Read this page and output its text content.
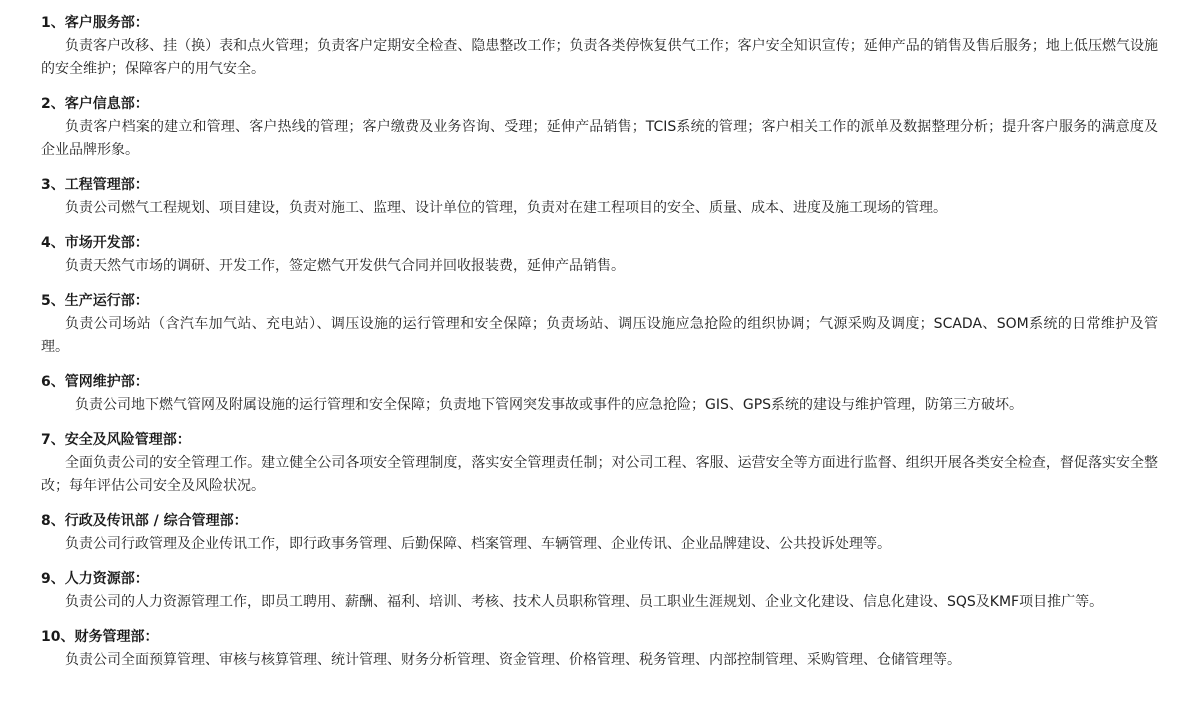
1、客户服务部：
负责客户改移、挂（换）表和点火管理；负责客户定期安全检查、隐患整改工作；负责各类停恢复供气工作；客户安全知识宣传；延伸产品的销售及售后服务；地上低压燃气设施的安全维护；保障客户的用气安全。
2、客户信息部：
负责客户档案的建立和管理、客户热线的管理；客户缴费及业务咨询、受理；延伸产品销售；TCIS系统的管理；客户相关工作的派单及数据整理分析；提升客户服务的满意度及企业品牌形象。
3、工程管理部：
负责公司燃气工程规划、项目建设，负责对施工、监理、设计单位的管理，负责对在建工程项目的安全、质量、成本、进度及施工现场的管理。
4、市场开发部：
负责天然气市场的调研、开发工作，签定燃气开发供气合同并回收报装费，延伸产品销售。
5、生产运行部：
负责公司场站（含汽车加气站、充电站）、调压设施的运行管理和安全保障；负责场站、调压设施应急抢险的组织协调；气源采购及调度；SCADA、SOM系统的日常维护及管理。
6、管网维护部：
负责公司地下燃气管网及附属设施的运行管理和安全保障；负责地下管网突发事故或事件的应急抢险；GIS、GPS系统的建设与维护管理，防第三方破坏。
7、安全及风险管理部：
全面负责公司的安全管理工作。建立健全公司各项安全管理制度，落实安全管理责任制；对公司工程、客服、运营安全等方面进行监督、组织开展各类安全检查，督促落实安全整改；每年评估公司安全及风险状况。
8、行政及传讯部 / 综合管理部：
负责公司行政管理及企业传讯工作，即行政事务管理、后勤保障、档案管理、车辆管理、企业传讯、企业品牌建设、公共投诉处理等。
9、人力资源部：
负责公司的人力资源管理工作，即员工聘用、薪酬、福利、培训、考核、技术人员职称管理、员工职业生涯规划、企业文化建设、信息化建设、SQS及KMF项目推广等。
10、财务管理部：
负责公司全面预算管理、审核与核算管理、统计管理、财务分析管理、资金管理、价格管理、税务管理、内部控制管理、采购管理、仓储管理等。
